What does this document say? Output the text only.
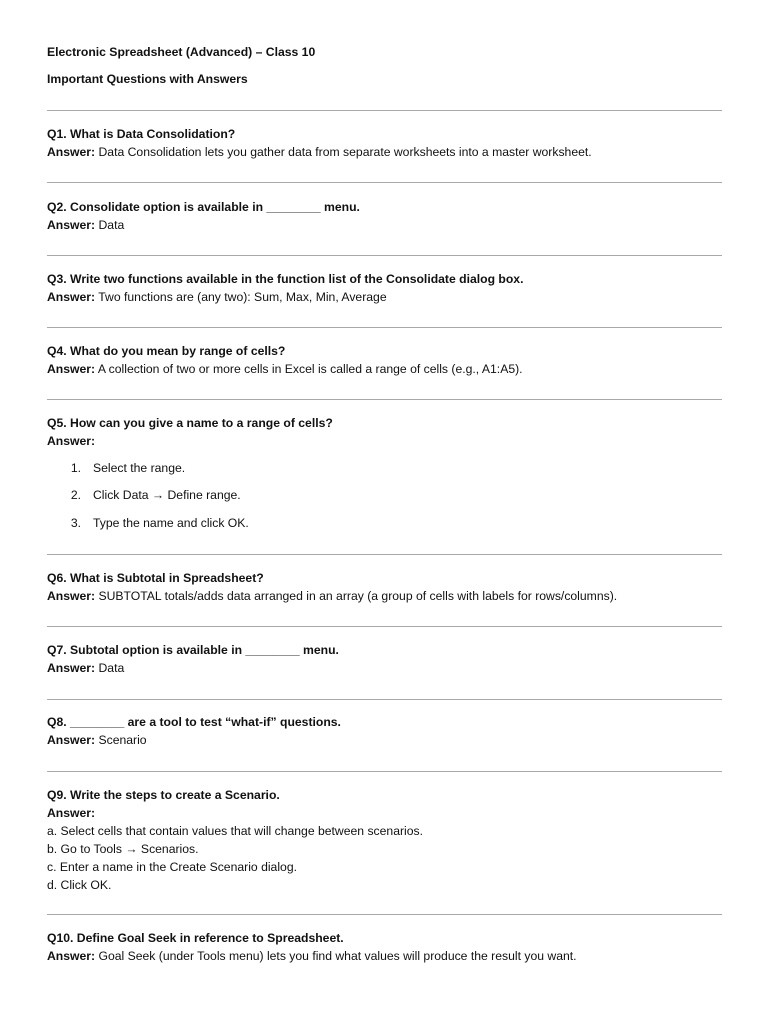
Electronic Spreadsheet (Advanced) – Class 10
Important Questions with Answers
Q1. What is Data Consolidation?
Answer: Data Consolidation lets you gather data from separate worksheets into a master worksheet.
Q2. Consolidate option is available in ________ menu.
Answer: Data
Q3. Write two functions available in the function list of the Consolidate dialog box.
Answer: Two functions are (any two): Sum, Max, Min, Average
Q4. What do you mean by range of cells?
Answer: A collection of two or more cells in Excel is called a range of cells (e.g., A1:A5).
Q5. How can you give a name to a range of cells?
Answer:
1. Select the range.
2. Click Data → Define range.
3. Type the name and click OK.
Q6. What is Subtotal in Spreadsheet?
Answer: SUBTOTAL totals/adds data arranged in an array (a group of cells with labels for rows/columns).
Q7. Subtotal option is available in ________ menu.
Answer: Data
Q8. ________ are a tool to test “what-if” questions.
Answer: Scenario
Q9. Write the steps to create a Scenario.
Answer:
a. Select cells that contain values that will change between scenarios.
b. Go to Tools → Scenarios.
c. Enter a name in the Create Scenario dialog.
d. Click OK.
Q10. Define Goal Seek in reference to Spreadsheet.
Answer: Goal Seek (under Tools menu) lets you find what values will produce the result you want.
